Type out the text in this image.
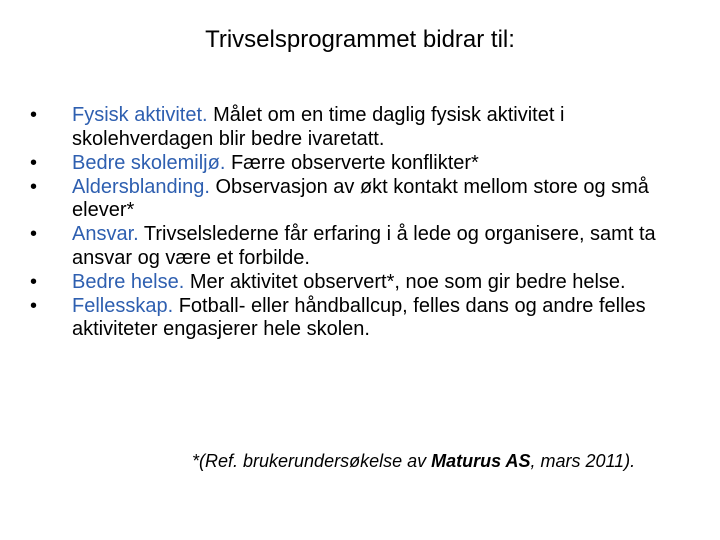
Trivselsprogrammet bidrar til:
•	Fysisk aktivitet. Målet om en time daglig fysisk aktivitet i skolehverdagen blir bedre ivaretatt.
•	Bedre skolemiljø. Færre observerte konflikter*
•	Aldersblanding. Observasjon av økt kontakt mellom store og små elever*
•	Ansvar. Trivselslederne får erfaring i å lede og organisere, samt ta ansvar og være et forbilde.
•	Bedre helse. Mer aktivitet observert*, noe som gir bedre helse.
•	Fellesskap. Fotball- eller håndballcup, felles dans og andre felles aktiviteter engasjerer hele skolen.
*(Ref. brukerundersøkelse av Maturus AS, mars 2011).
